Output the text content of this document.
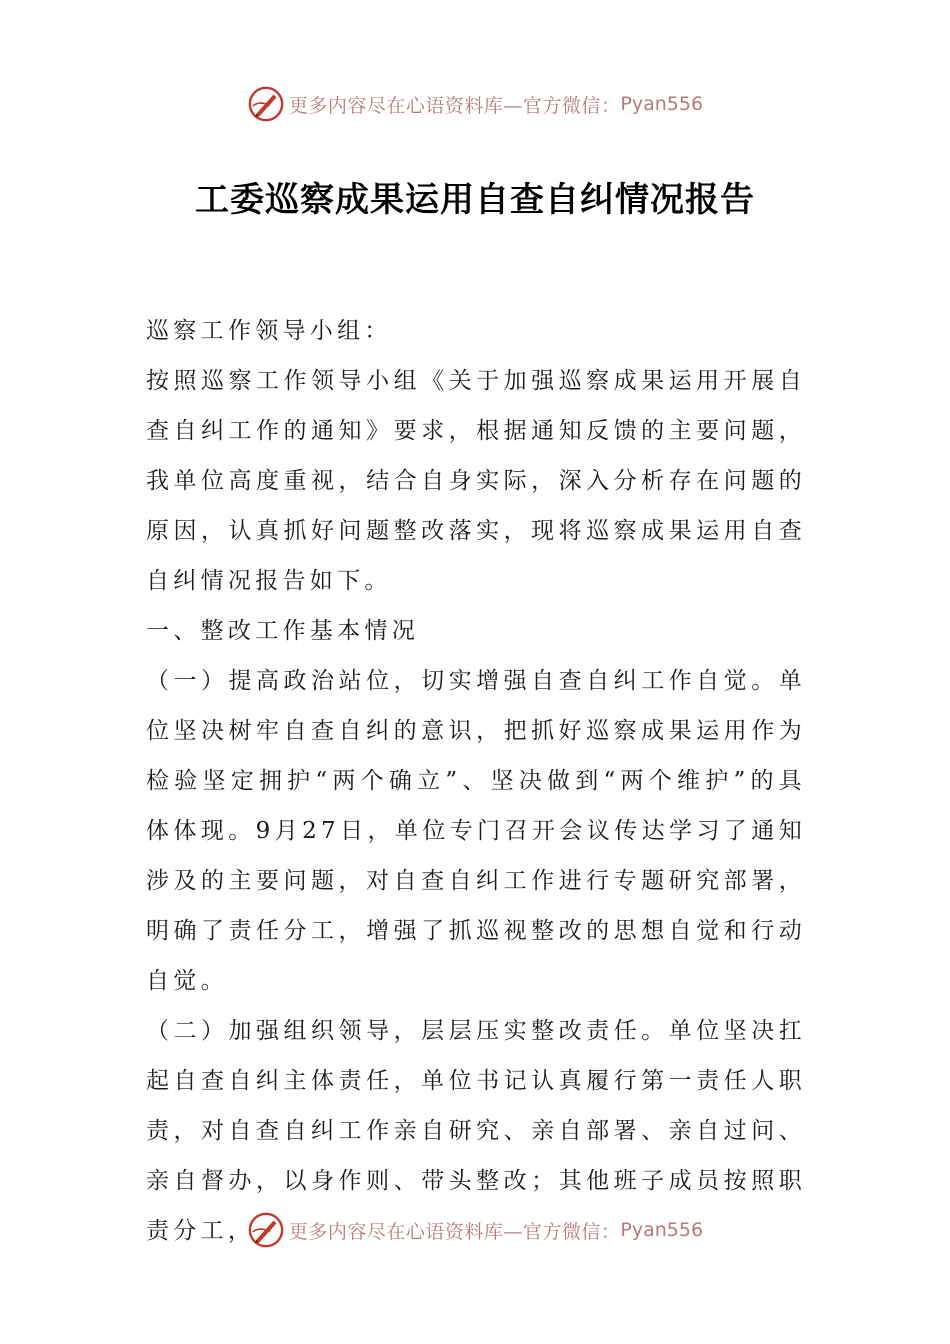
更多内容尽在心语资料库—官方微信： Pyan556
工委巡察成果运用自查自纠情况报告

巡察工作领导小组：

按照巡察工作领导小组《关于加强巡察成果运用开展自查自纠工作的通知》要求，根据通知反馈的主要问题，我单位高度重视，结合自身实际，深入分析存在问题的原因，认真抓好问题整改落实，现将巡察成果运用自查自纠情况报告如下。

一、整改工作基本情况

（一）提高政治站位，切实增强自查自纠工作自觉。单位坚决树牢自查自纠的意识，把抓好巡察成果运用作为检验坚定拥护“两个确立”、坚决做到“两个维护”的具体体现。9月27日，单位专门召开会议传达学习了通知涉及的主要问题，对自查自纠工作进行专题研究部署，明确了责任分工，增强了抓巡视整改的思想自觉和行动自觉。

（二）加强组织领导，层层压实整改责任。单位坚决扛起自查自纠主体责任，单位书记认真履行第一责任人职责，对自查自纠工作亲自研究、亲自部署、亲自过问、亲自督办，以身作则、带头整改；其他班子成员按照职责分工，	更多内容尽在心语资料库—官方微信： Pyan556
